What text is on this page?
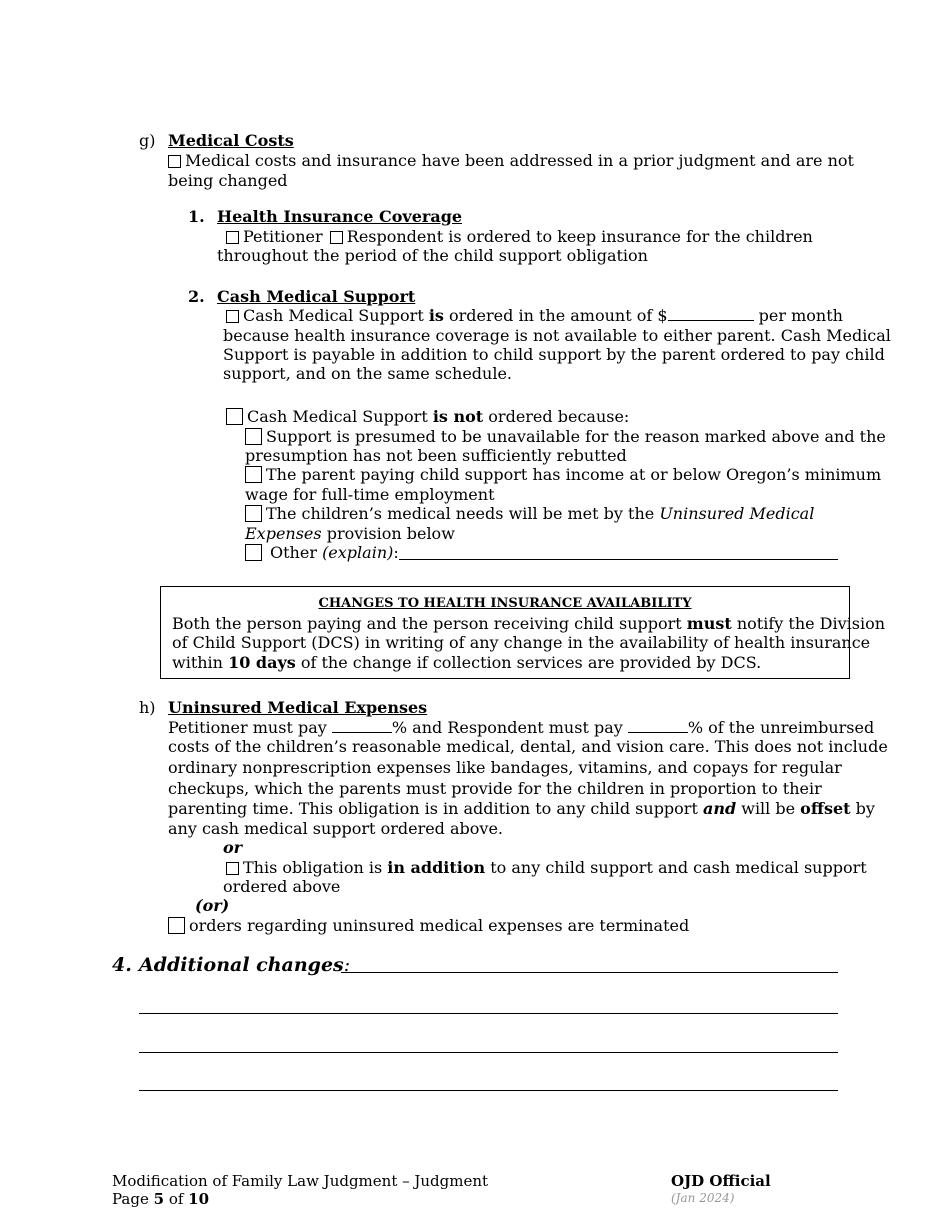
g) Medical Costs
Medical costs and insurance have been addressed in a prior judgment and are not
being changed
1. Health Insurance Coverage
Petitioner Respondent is ordered to keep insurance for the children
throughout the period of the child support obligation
2. Cash Medical Support
Cash Medical Support is ordered in the amount of $	per month
because health insurance coverage is not available to either parent. Cash Medical
Support is payable in addition to child support by the parent ordered to pay child
support, and on the same schedule.
Cash Medical Support is not ordered because:
Support is presumed to be unavailable for the reason marked above and the
presumption has not been sufficiently rebutted
The parent paying child support has income at or below Oregon’s minimum
wage for full-time employment
The children’s medical needs will be met by the Uninsured Medical
Expenses provision below
Other (explain):
CHANGES TO HEALTH INSURANCE AVAILABILITY
Both the person paying and the person receiving child support must notify the Division
of Child Support (DCS) in writing of any change in the availability of health insurance
within 10 days of the change if collection services are provided by DCS.
h) Uninsured Medical Expenses
Petitioner must pay	% and Respondent must pay	% of the unreimbursed
costs of the children’s reasonable medical, dental, and vision care. This does not include
ordinary nonprescription expenses like bandages, vitamins, and copays for regular
checkups, which the parents must provide for the children in proportion to their
parenting time. This obligation is in addition to any child support and will be offset by
any cash medical support ordered above.
or
This obligation is in addition to any child support and cash medical support
ordered above
(or)
orders regarding uninsured medical expenses are terminated
4. Additional changes:
Modification of Family Law Judgment – Judgment
Page 5 of 10
OJD Official
(Jan 2024)
